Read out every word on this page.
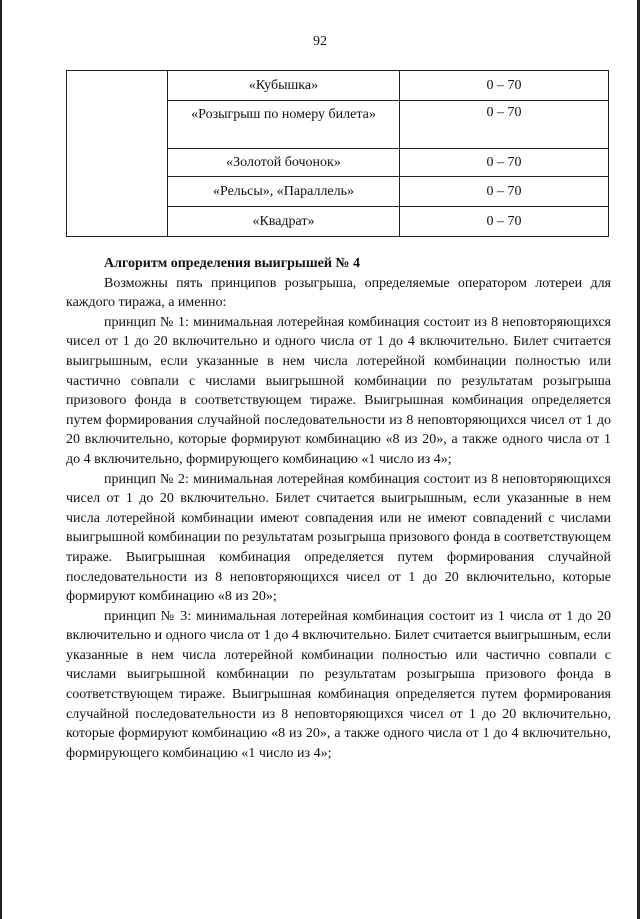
92
	«Кубышка»	0 – 70
	«Розыгрыш по номеру билета»	0 – 70
	«Золотой бочонок»	0 – 70
	«Рельсы», «Параллель»	0 – 70
	«Квадрат»	0 – 70

Алгоритм определения выигрышей № 4

Возможны пять принципов розыгрыша, определяемые оператором лотереи для каждого тиража, а именно:

принцип № 1: минимальная лотерейная комбинация состоит из 8 неповторяющихся чисел от 1 до 20 включительно и одного числа от 1 до 4 включительно. Билет считается выигрышным, если указанные в нем числа лотерейной комбинации полностью или частично совпали с числами выигрышной комбинации по результатам розыгрыша призового фонда в соответствующем тираже. Выигрышная комбинация определяется путем формирования случайной последовательности из 8 неповторяющихся чисел от 1 до 20 включительно, которые формируют комбинацию «8 из 20», а также одного числа от 1 до 4 включительно, формирующего комбинацию «1 число из 4»;

принцип № 2: минимальная лотерейная комбинация состоит из 8 неповторяющихся чисел от 1 до 20 включительно. Билет считается выигрышным, если указанные в нем числа лотерейной комбинации имеют совпадения или не имеют совпадений с числами выигрышной комбинации по результатам розыгрыша призового фонда в соответствующем тираже. Выигрышная комбинация определяется путем формирования случайной последовательности из 8 неповторяющихся чисел от 1 до 20 включительно, которые формируют комбинацию «8 из 20»;

принцип № 3: минимальная лотерейная комбинация состоит из 1 числа от 1 до 20 включительно и одного числа от 1 до 4 включительно. Билет считается выигрышным, если указанные в нем числа лотерейной комбинации полностью или частично совпали с числами выигрышной комбинации по результатам розыгрыша призового фонда в соответствующем тираже. Выигрышная комбинация определяется путем формирования случайной последовательности из 8 неповторяющихся чисел от 1 до 20 включительно, которые формируют комбинацию «8 из 20», а также одного числа от 1 до 4 включительно, формирующего комбинацию «1 число из 4»;
